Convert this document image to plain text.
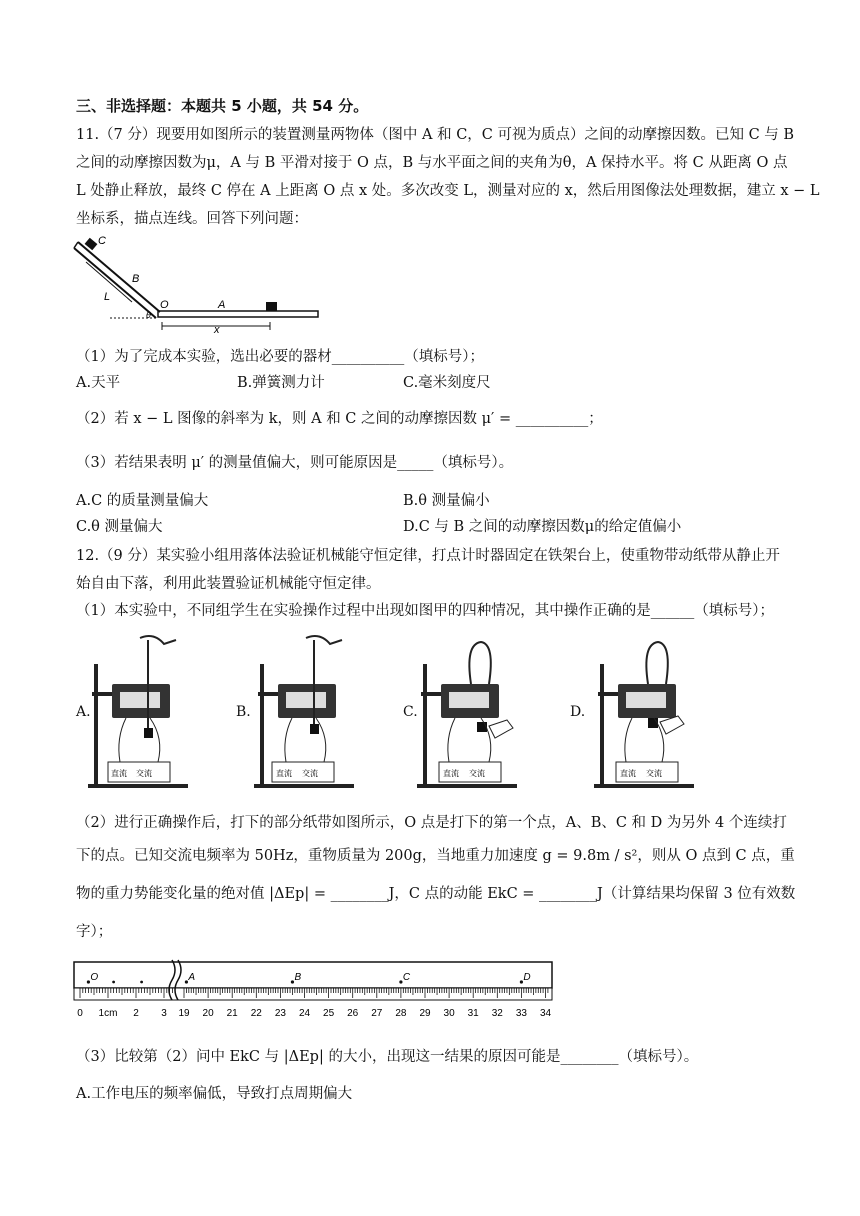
三、非选择题：本题共 5 小题，共 54 分。
11.（7 分）现要用如图所示的装置测量两物体（图中 A 和 C，C 可视为质点）之间的动摩擦因数。已知 C 与 B
之间的动摩擦因数为μ，A 与 B 平滑对接于 O 点，B 与水平面之间的夹角为θ，A 保持水平。将 C 从距离 O 点
L 处静止释放，最终 C 停在 A 上距离 O 点 x 处。多次改变 L，测量对应的 x，然后用图像法处理数据，建立 x − L
坐标系，描点连线。回答下列问题：
C
B
L
O	A
x
θ
（1）为了完成本实验，选出必要的器材__________（填标号）；
A.天平	B.弹簧测力计	C.毫米刻度尺
（2）若 x − L 图像的斜率为 k，则 A 和 C 之间的动摩擦因数 μ′ = __________；
（3）若结果表明 μ′ 的测量值偏大，则可能原因是_____（填标号）。
A.C 的质量测量偏大	B.θ 测量偏小
C.θ 测量偏大	D.C 与 B 之间的动摩擦因数μ的给定值偏小
12.（9 分）某实验小组用落体法验证机械能守恒定律，打点计时器固定在铁架台上，使重物带动纸带从静止开
始自由下落，利用此装置验证机械能守恒定律。
（1）本实验中，不同组学生在实验操作过程中出现如图甲的四种情况，其中操作正确的是______（填标号）；
A.	B.	C.	D.
直流 交流	直流 交流	直流 交流	直流 交流
（2）进行正确操作后，打下的部分纸带如图所示，O 点是打下的第一个点，A、B、C 和 D 为另外 4 个连续打
下的点。已知交流电频率为 50Hz，重物质量为 200g，当地重力加速度 g = 9.8m / s²，则从 O 点到 C 点，重
物的重力势能变化量的绝对值 |ΔEp| = ________J，C 点的动能 EkC = ________J（计算结果均保留 3 位有效数
字）；
O	A	B	C	D
0 1cm 2 3 19 20 21 22 23 24 25 26 27 28 29 30 31 32 33 34
（3）比较第（2）问中 EkC 与 |ΔEp| 的大小，出现这一结果的原因可能是________（填标号）。
A.工作电压的频率偏低，导致打点周期偏大
